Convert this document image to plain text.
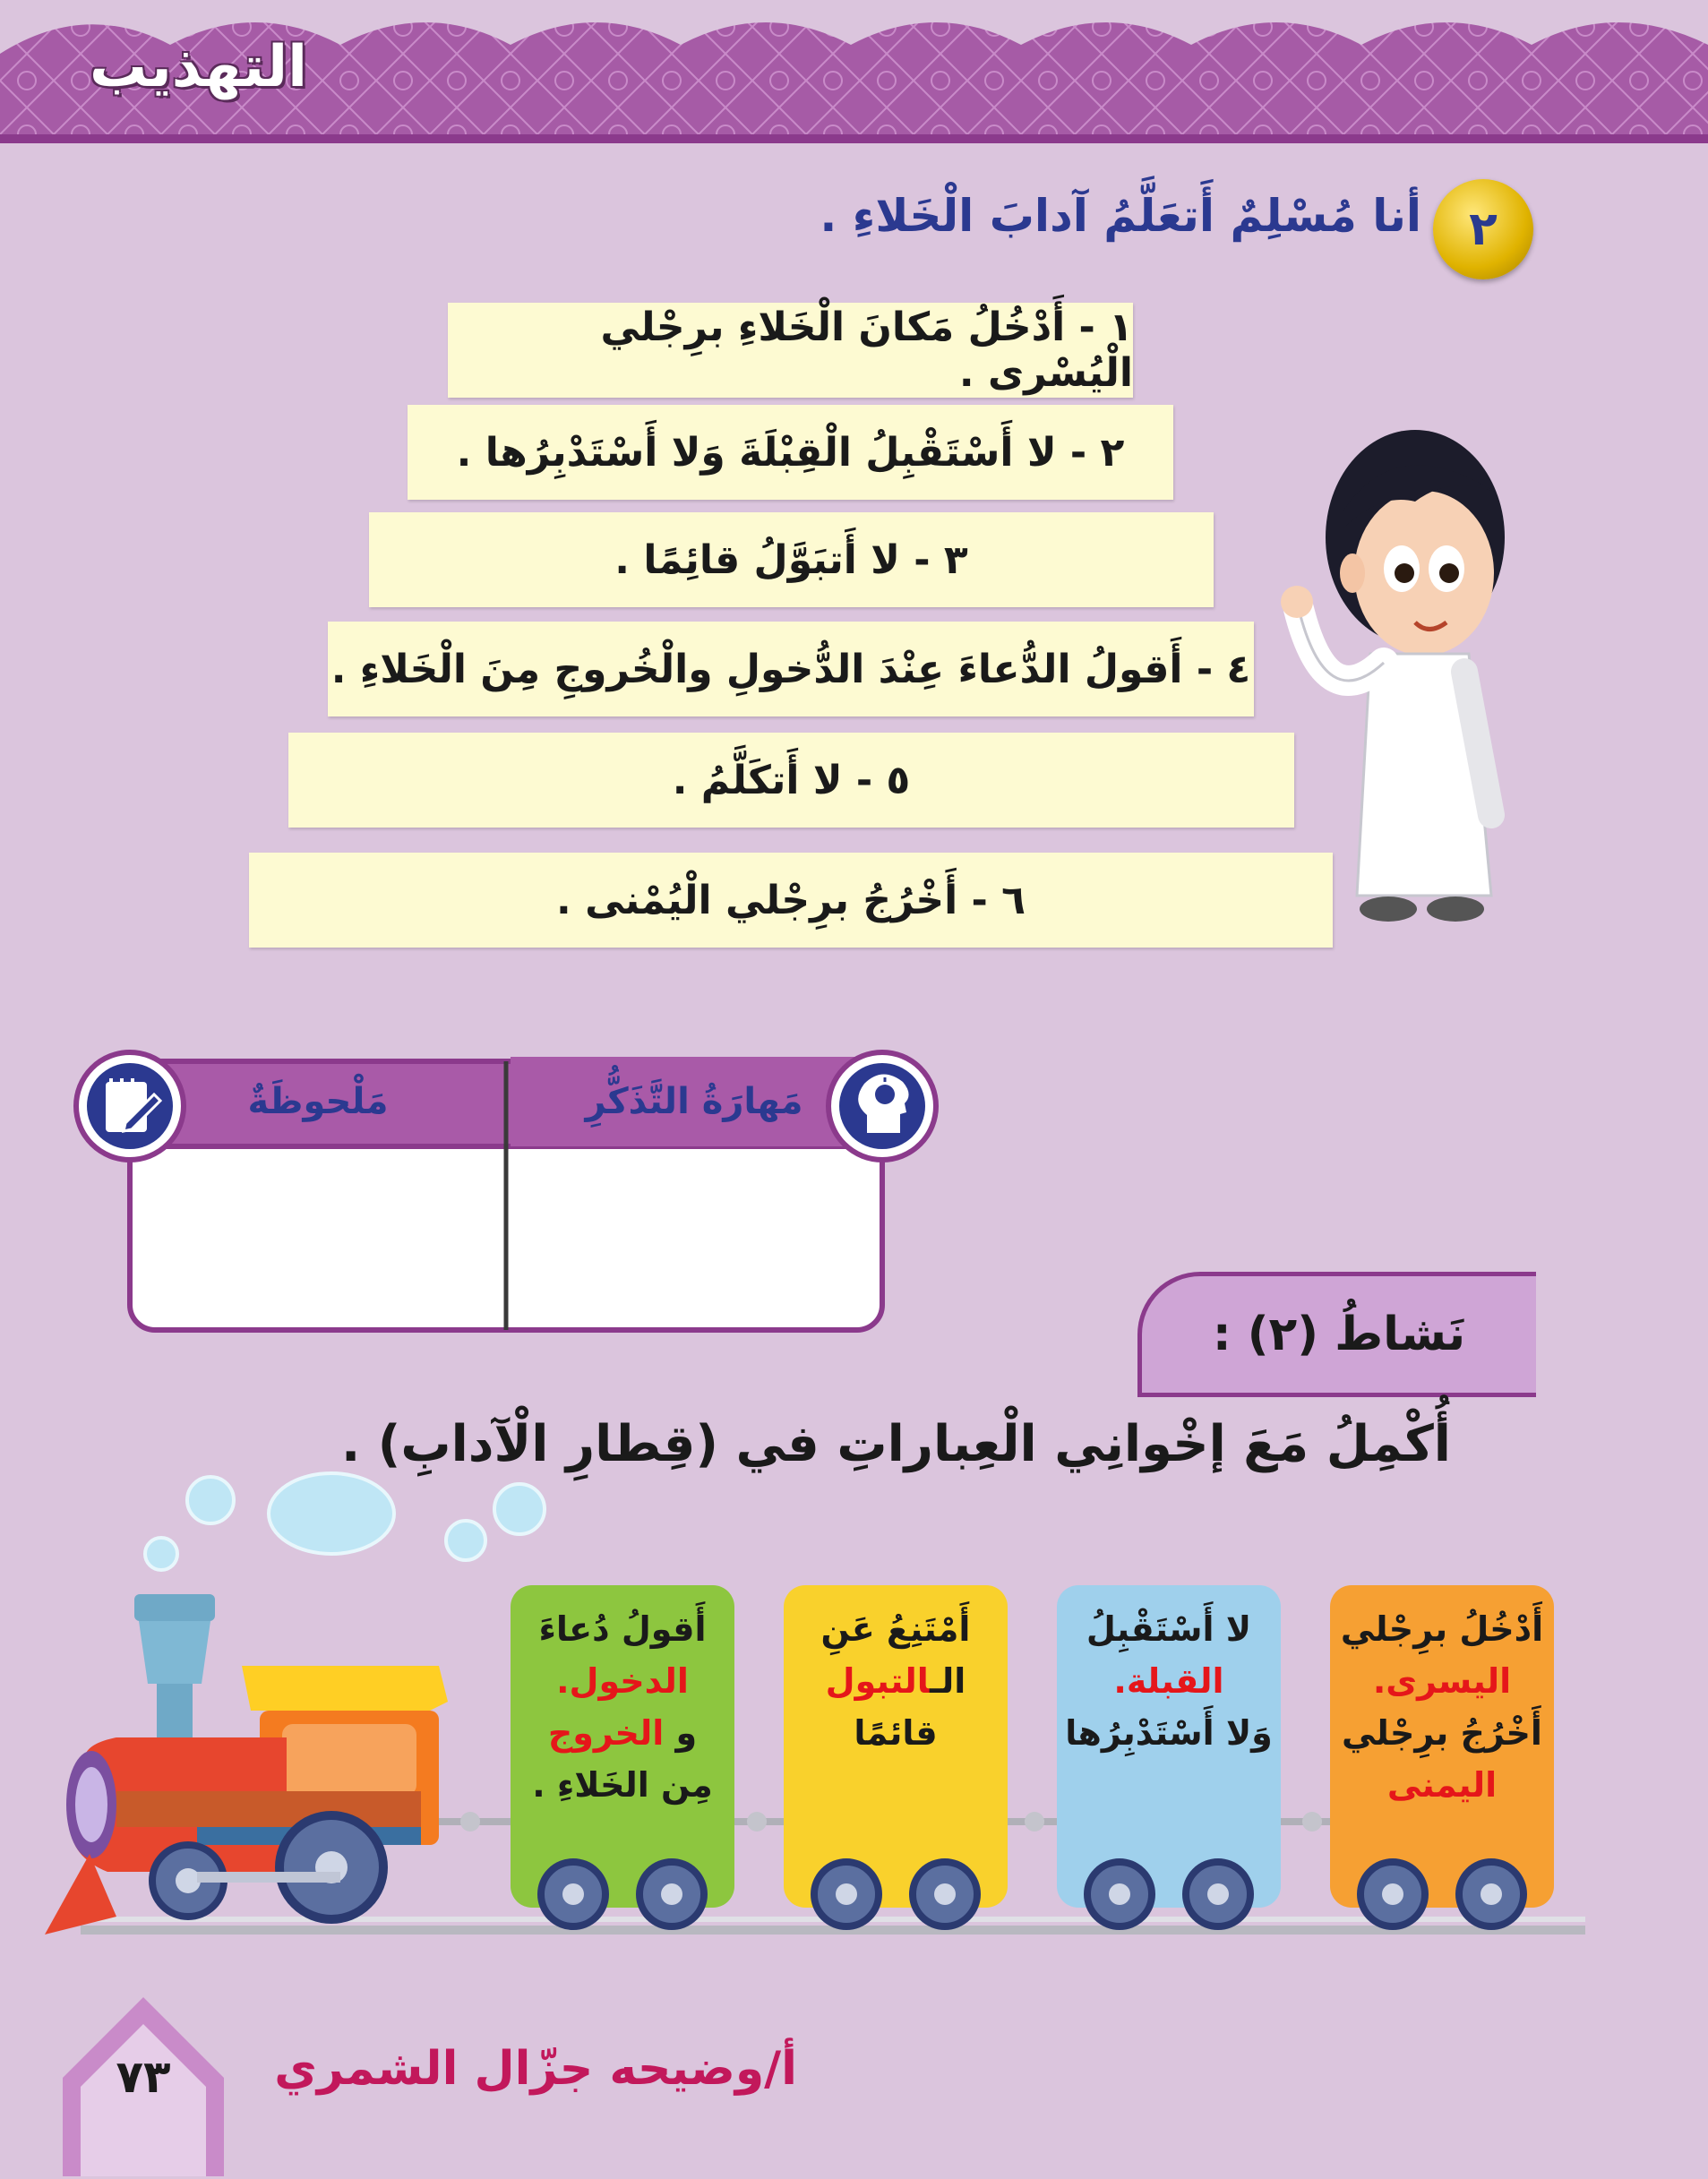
التهذيب
٢
أنا مُسْلِمٌ أَتعَلَّمُ آدابَ الْخَلاءِ .
١ - أَدْخُلُ مَكانَ الْخَلاءِ برِجْلي الْيُسْرى .
٢ - لا أَسْتَقْبِلُ الْقِبْلَةَ وَلا أَسْتَدْبِرُها .
٣ - لا أَتبَوَّلُ قائِمًا .
٤ - أَقولُ الدُّعاءَ عِنْدَ الدُّخولِ والْخُروجِ مِنَ الْخَلاءِ .
٥ - لا أَتكَلَّمُ .
٦ - أَخْرُجُ برِجْلي الْيُمْنى .
مَهارَةُ التَّذَكُّرِ
مَلْحوظَةٌ
نَشاطُ (٢) :
أُكْمِلُ مَعَ إخْوانِي الْعِباراتِ في (قِطارِ الْآدابِ) .
أَدْخُلُ برِجْلي
اليسرى.
أَخْرُجُ برِجْلي
اليمنى
لا أَسْتَقْبِلُ
القبلة.
وَلا أَسْتَدْبِرُها
أَمْتَنِعُ عَنِ
الـالتبول
قائمًا
أَقولُ دُعاءَ
الدخول.
و الخروج
مِن الخَلاءِ .
٧٣	أ/وضيحه جزّال الشمري
